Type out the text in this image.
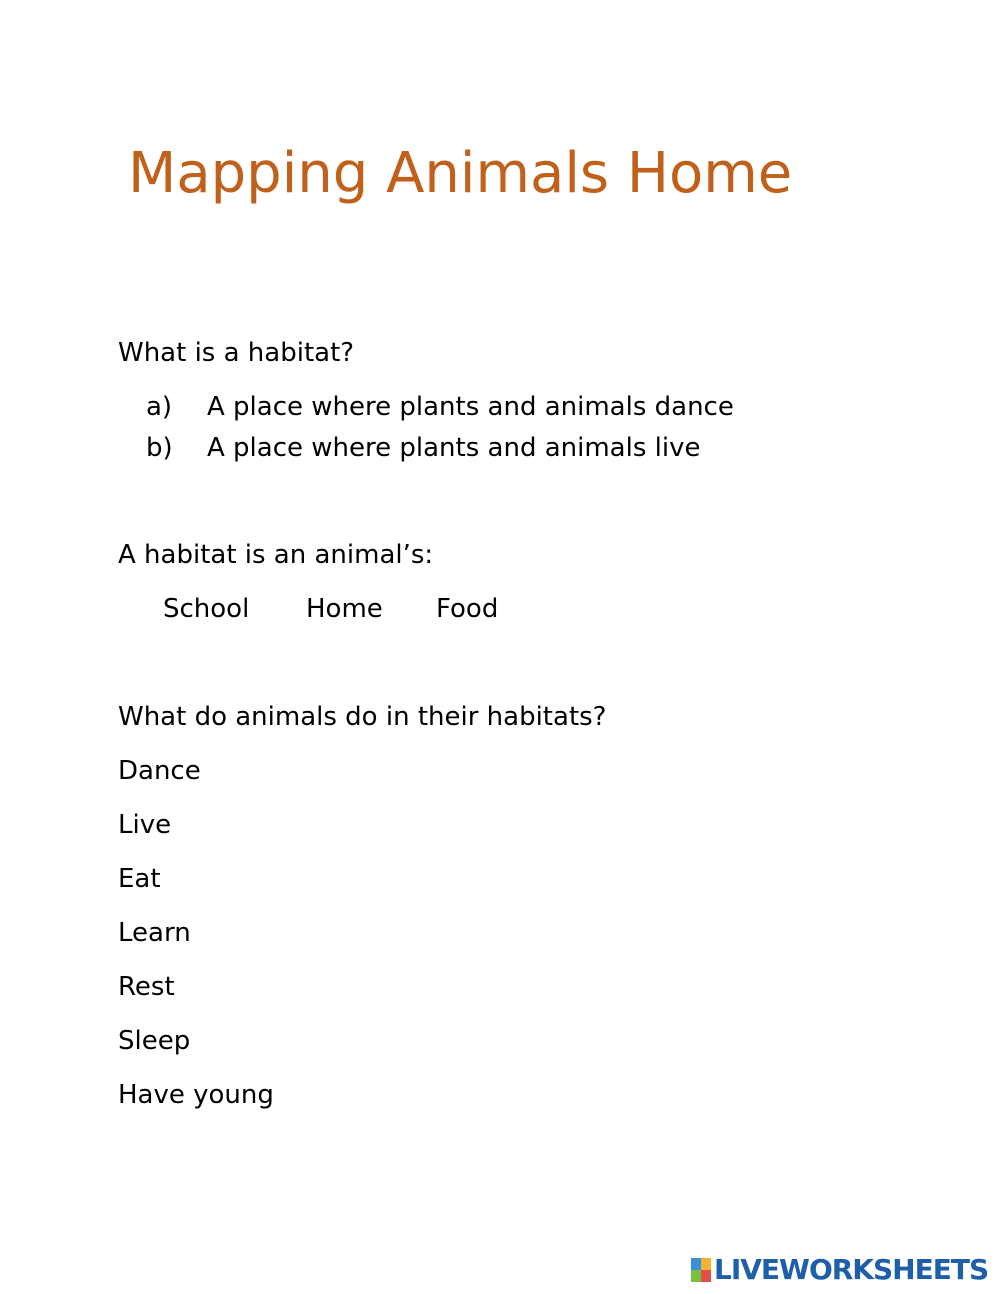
Mapping Animals Home
What is a habitat?
a) A place where plants and animals dance
b) A place where plants and animals live
A habitat is an animal’s:
School Home Food
What do animals do in their habitats?
Dance
Live
Eat
Learn
Rest
Sleep
Have young
LIVEWORKSHEETS
